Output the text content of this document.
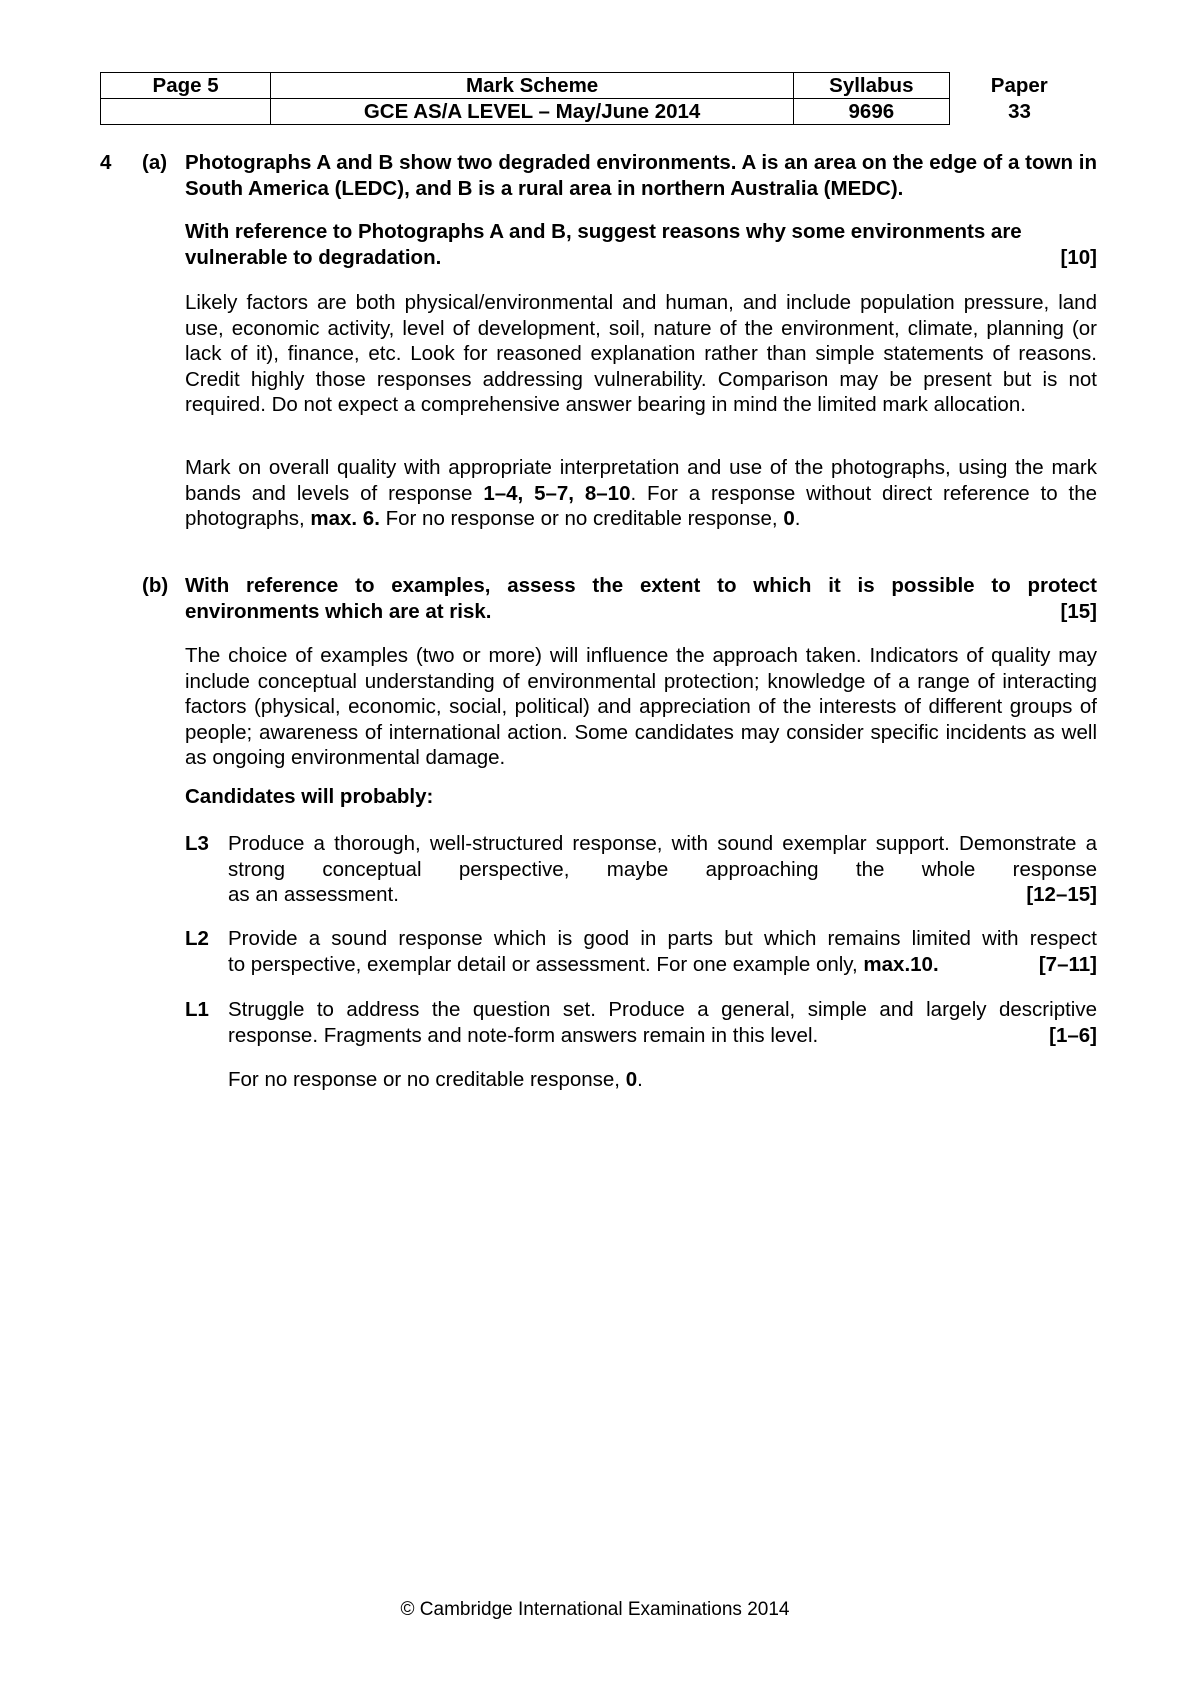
Page 5	Mark Scheme	Syllabus	Paper
	GCE AS/A LEVEL – May/June 2014	9696	33
4 (a) Photographs A and B show two degraded environments. A is an area on the edge of a town in South America (LEDC), and B is a rural area in northern Australia (MEDC).
With reference to Photographs A and B, suggest reasons why some environments are
vulnerable to degradation.	[10]
Likely factors are both physical/environmental and human, and include population pressure, land use, economic activity, level of development, soil, nature of the environment, climate, planning (or lack of it), finance, etc. Look for reasoned explanation rather than simple statements of reasons. Credit highly those responses addressing vulnerability. Comparison may be present but is not required. Do not expect a comprehensive answer bearing in mind the limited mark allocation.
Mark on overall quality with appropriate interpretation and use of the photographs, using the mark bands and levels of response 1–4, 5–7, 8–10. For a response without direct reference to the photographs, max. 6. For no response or no creditable response, 0.
(b) With reference to examples, assess the extent to which it is possible to protect
environments which are at risk.	[15]
The choice of examples (two or more) will influence the approach taken. Indicators of quality may include conceptual understanding of environmental protection; knowledge of a range of interacting factors (physical, economic, social, political) and appreciation of the interests of different groups of people; awareness of international action. Some candidates may consider specific incidents as well as ongoing environmental damage.
Candidates will probably:
L3 Produce a thorough, well-structured response, with sound exemplar support. Demonstrate a strong conceptual perspective, maybe approaching the whole response
as an assessment.	[12–15]
L2 Provide a sound response which is good in parts but which remains limited with respect
to perspective, exemplar detail or assessment. For one example only, max.10.	[7–11]
L1 Struggle to address the question set. Produce a general, simple and largely descriptive
response. Fragments and note-form answers remain in this level.	[1–6]
For no response or no creditable response, 0.
© Cambridge International Examinations 2014
